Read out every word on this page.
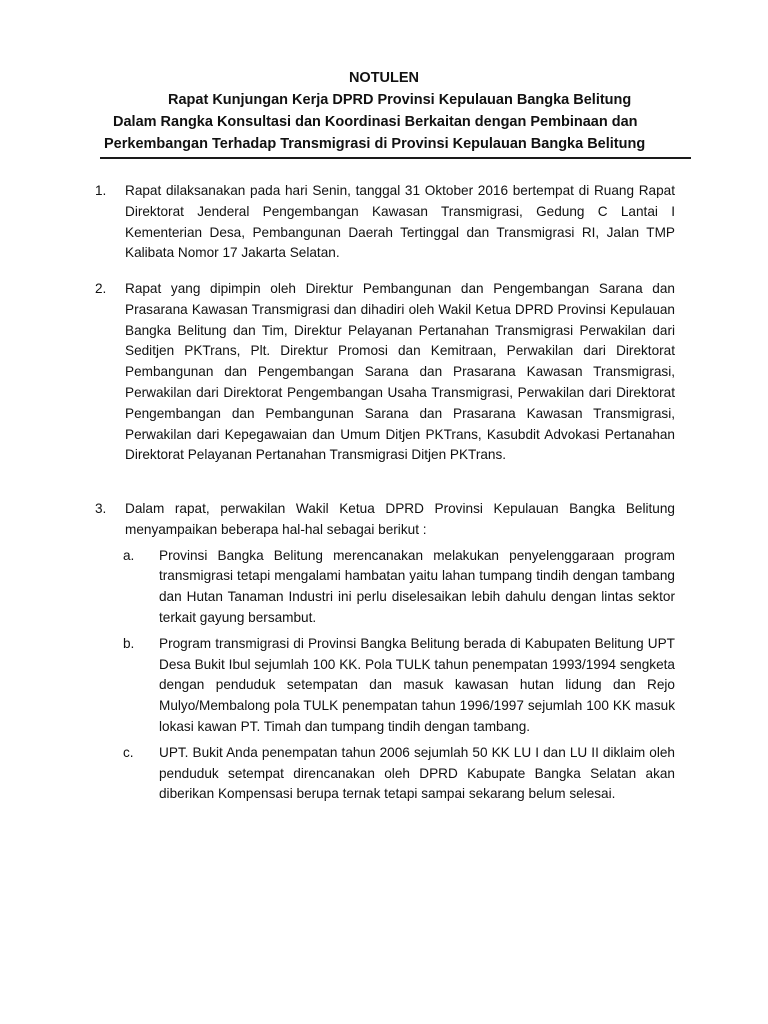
NOTULEN
Rapat Kunjungan Kerja DPRD Provinsi Kepulauan Bangka Belitung
Dalam Rangka Konsultasi dan Koordinasi Berkaitan dengan Pembinaan dan
Perkembangan Terhadap Transmigrasi di Provinsi Kepulauan Bangka Belitung
1.	Rapat dilaksanakan pada hari Senin, tanggal 31 Oktober 2016 bertempat di Ruang Rapat Direktorat Jenderal Pengembangan Kawasan Transmigrasi, Gedung C Lantai I Kementerian Desa, Pembangunan Daerah Tertinggal dan Transmigrasi RI, Jalan TMP Kalibata Nomor 17 Jakarta Selatan.
2.	Rapat yang dipimpin oleh Direktur Pembangunan dan Pengembangan Sarana dan Prasarana Kawasan Transmigrasi dan dihadiri oleh Wakil Ketua DPRD Provinsi Kepulauan Bangka Belitung dan Tim, Direktur Pelayanan Pertanahan Transmigrasi Perwakilan dari Seditjen PKTrans, Plt. Direktur Promosi dan Kemitraan, Perwakilan dari Direktorat Pembangunan dan Pengembangan Sarana dan Prasarana Kawasan Transmigrasi, Perwakilan dari Direktorat Pengembangan Usaha Transmigrasi, Perwakilan dari Direktorat Pengembangan dan Pembangunan Sarana dan Prasarana Kawasan Transmigrasi, Perwakilan dari Kepegawaian dan Umum Ditjen PKTrans, Kasubdit Advokasi Pertanahan Direktorat Pelayanan Pertanahan Transmigrasi Ditjen PKTrans.
3.	Dalam rapat, perwakilan Wakil Ketua DPRD Provinsi Kepulauan Bangka Belitung menyampaikan beberapa hal-hal sebagai berikut :
a. Provinsi Bangka Belitung merencanakan melakukan penyelenggaraan program transmigrasi tetapi mengalami hambatan yaitu lahan tumpang tindih dengan tambang dan Hutan Tanaman Industri ini perlu diselesaikan lebih dahulu dengan lintas sektor terkait gayung bersambut.
b. Program transmigrasi di Provinsi Bangka Belitung berada di Kabupaten Belitung UPT Desa Bukit Ibul sejumlah 100 KK. Pola TULK tahun penempatan 1993/1994 sengketa dengan penduduk setempatan dan masuk kawasan hutan lidung dan Rejo Mulyo/Membalong pola TULK penempatan tahun 1996/1997 sejumlah 100 KK masuk lokasi kawan PT. Timah dan tumpang tindih dengan tambang.
c. UPT. Bukit Anda penempatan tahun 2006 sejumlah 50 KK LU I dan LU II diklaim oleh penduduk setempat direncanakan oleh DPRD Kabupate Bangka Selatan akan diberikan Kompensasi berupa ternak tetapi sampai sekarang belum selesai.
